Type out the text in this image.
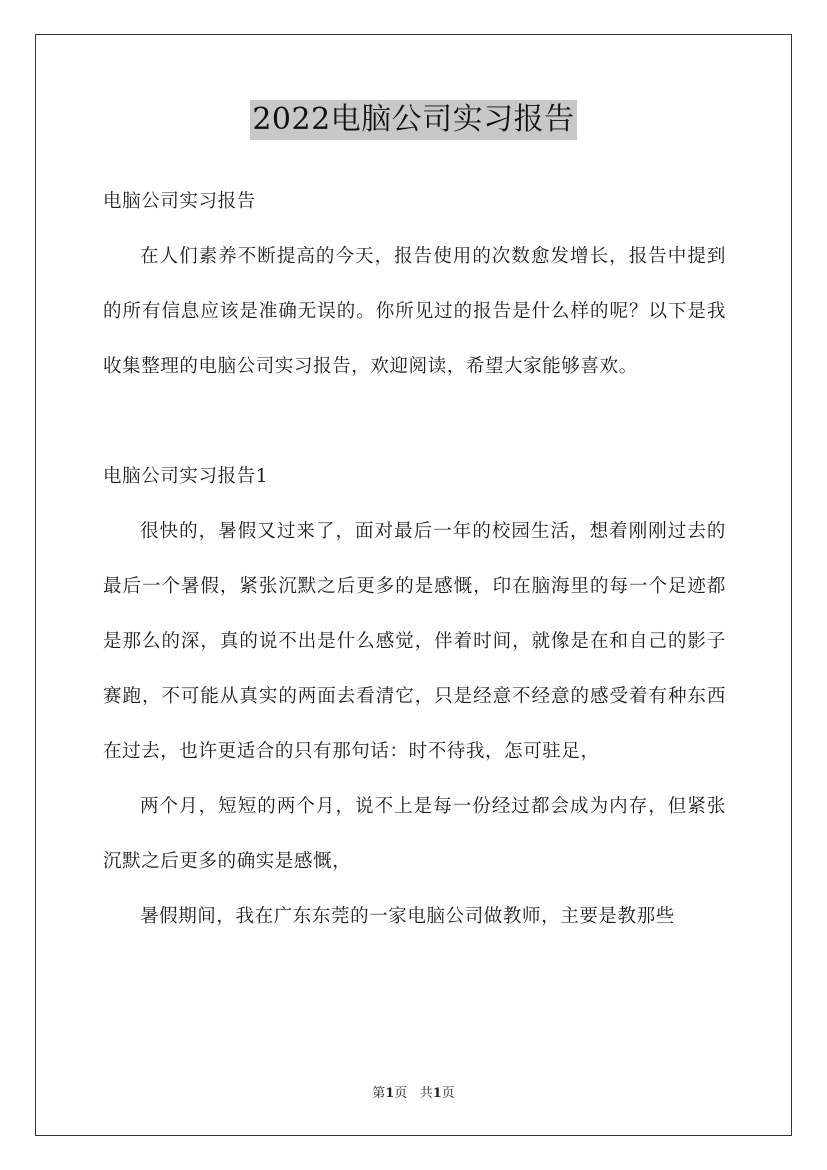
2022电脑公司实习报告

电脑公司实习报告

在人们素养不断提高的今天，报告使用的次数愈发增长，报告中提到的所有信息应该是准确无误的。你所见过的报告是什么样的呢？以下是我收集整理的电脑公司实习报告，欢迎阅读，希望大家能够喜欢。

电脑公司实习报告1

很快的，暑假又过来了，面对最后一年的校园生活，想着刚刚过去的最后一个暑假，紧张沉默之后更多的是感慨，印在脑海里的每一个足迹都是那么的深，真的说不出是什么感觉，伴着时间，就像是在和自己的影子赛跑，不可能从真实的两面去看清它，只是经意不经意的感受着有种东西在过去，也许更适合的只有那句话：时不待我，怎可驻足，

两个月，短短的两个月，说不上是每一份经过都会成为内存，但紧张沉默之后更多的确实是感慨，

暑假期间，我在广东东莞的一家电脑公司做教师，主要是教那些

第1页 共1页
